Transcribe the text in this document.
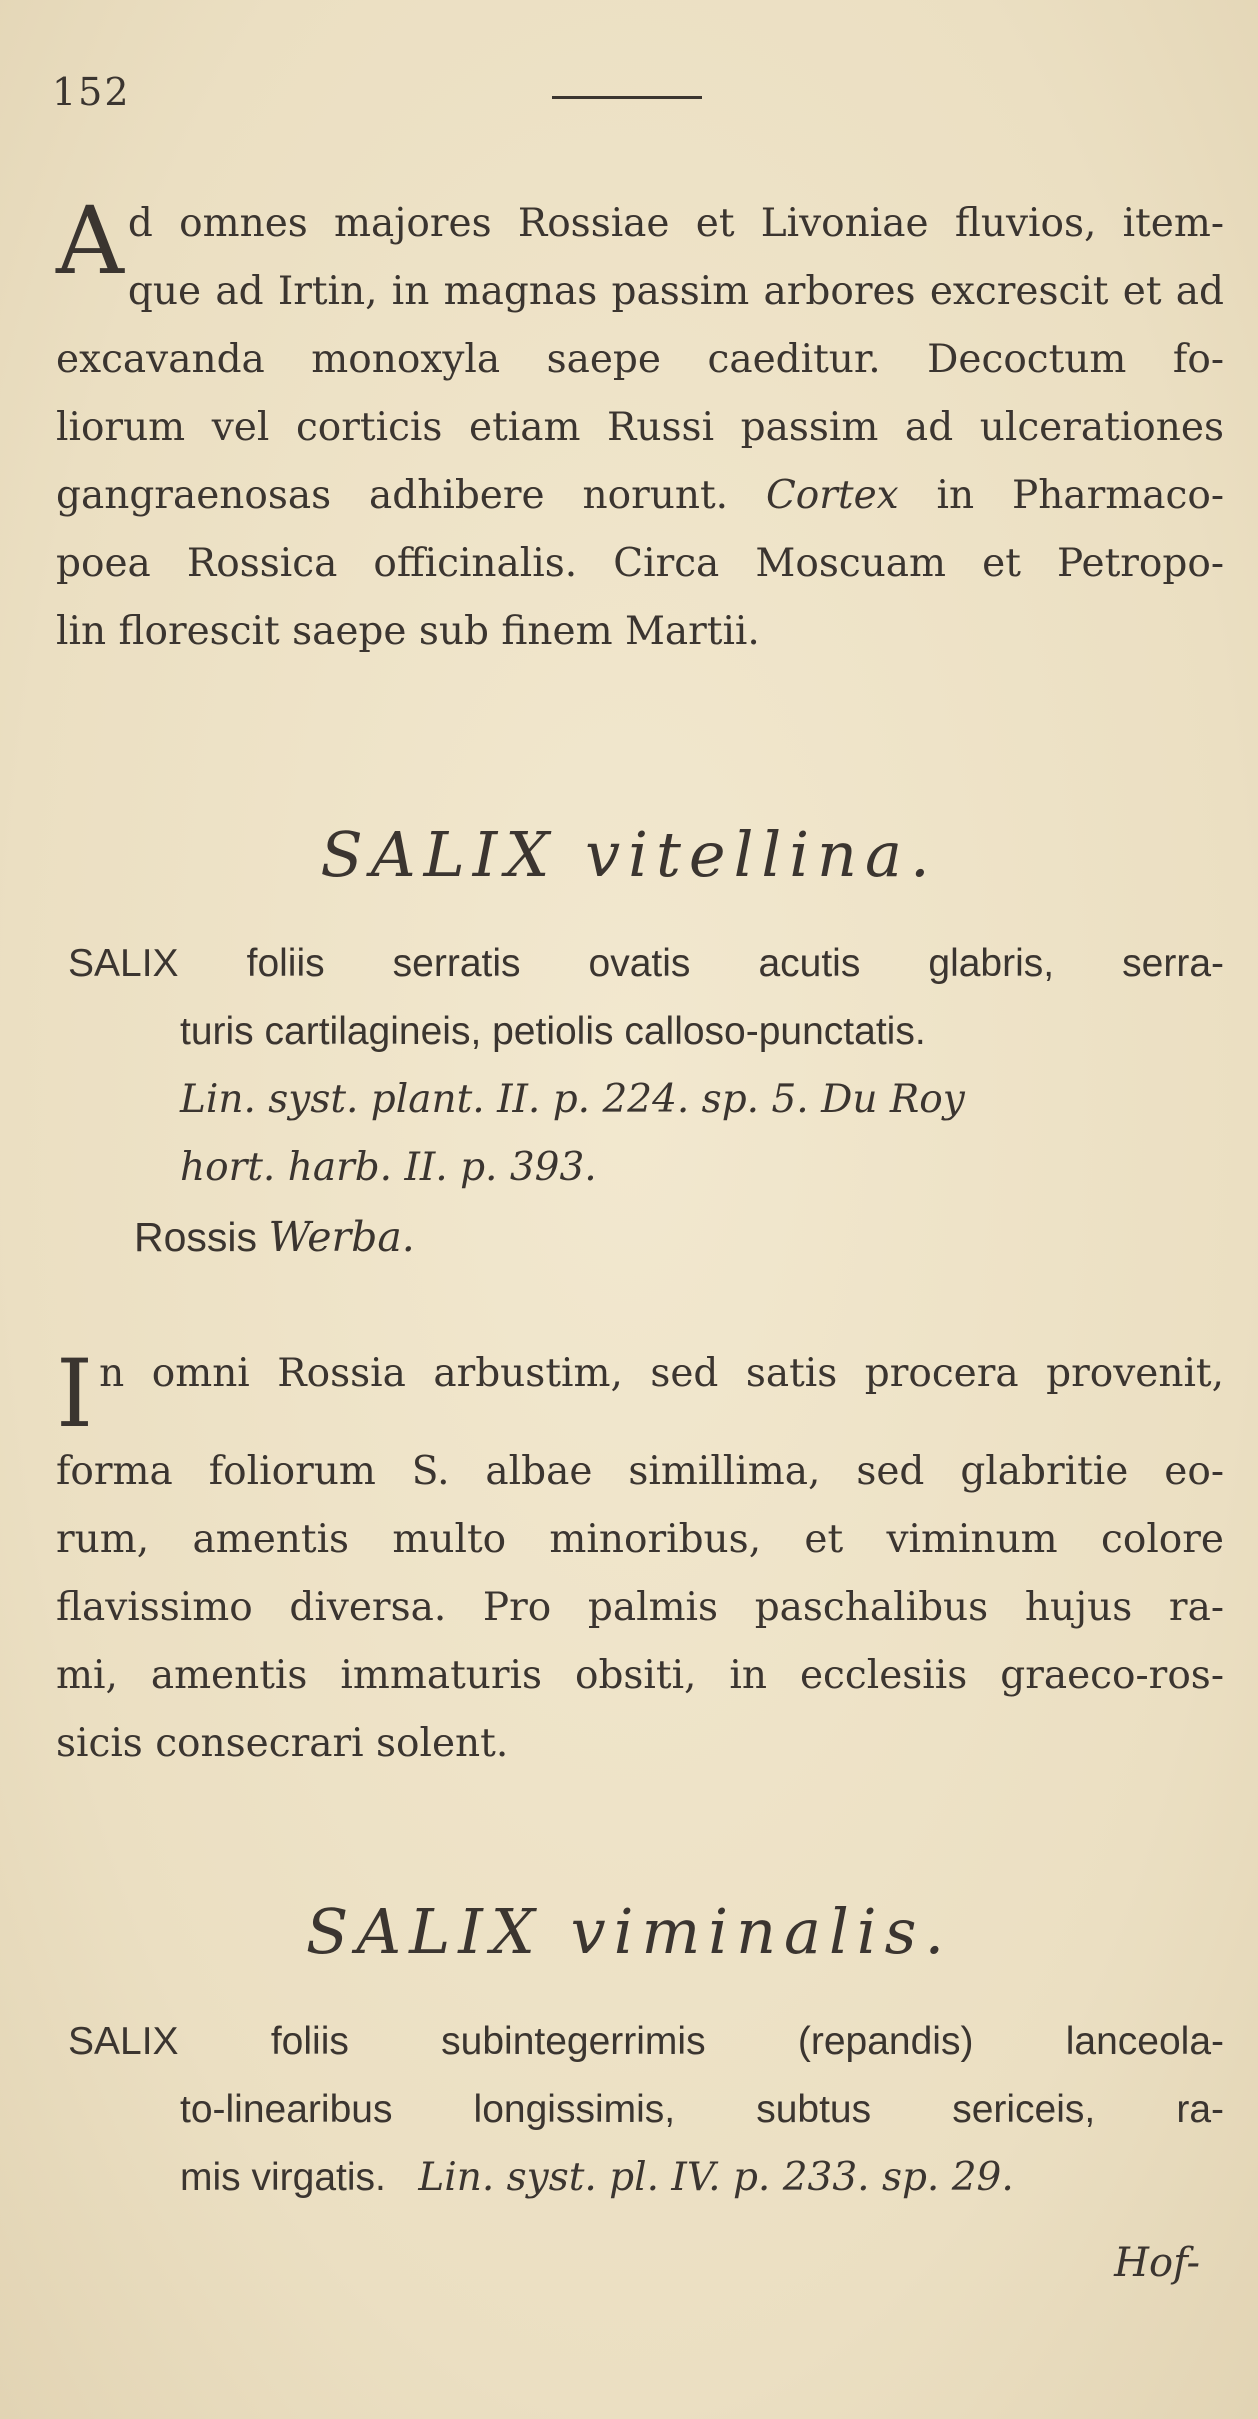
152
A d omnes majores Rossiae et Livoniae fluvios, item-
que ad Irtin, in magnas passim arbores excrescit et ad
excavanda monoxyla saepe caeditur. Decoctum fo-
liorum vel corticis etiam Russi passim ad ulcerationes
gangraenosas adhibere norunt. Cortex in Pharmaco-
poea Rossica officinalis. Circa Moscuam et Petropo-
lin florescit saepe sub finem Martii.
SALIX vitellina.
SALIX foliis serratis ovatis acutis glabris, serra-
turis cartilagineis, petiolis calloso-punctatis.
Lin. syst. plant. II. p. 224. sp. 5. Du Roy
hort. harb. II. p. 393.
Rossis Werba.
I n omni Rossia arbustim, sed satis procera provenit,
forma foliorum S. albae simillima, sed glabritie eo-
rum, amentis multo minoribus, et viminum colore
flavissimo diversa. Pro palmis paschalibus hujus ra-
mi, amentis immaturis obsiti, in ecclesiis graeco-ros-
sicis consecrari solent.
SALIX viminalis.
SALIX foliis subintegerrimis (repandis) lanceola-
to-linearibus longissimis, subtus sericeis, ra-
mis virgatis. Lin. syst. pl. IV. p. 233. sp. 29.
Hof-
